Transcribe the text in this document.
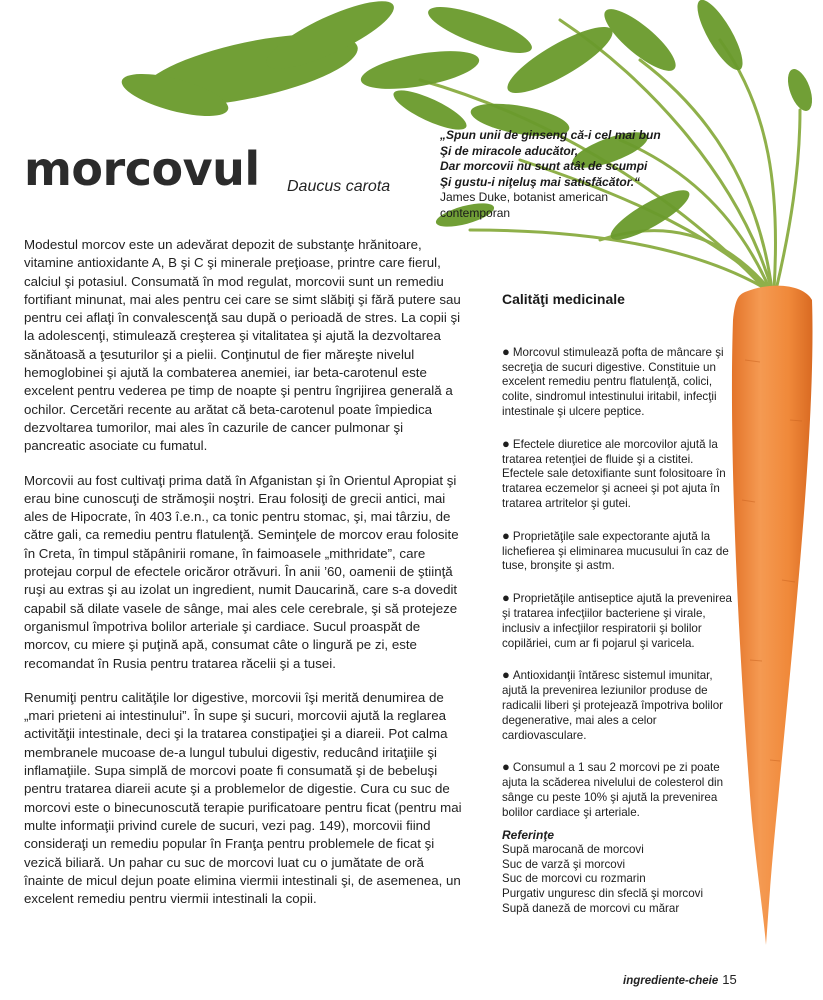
morcovul Daucus carota
„Spun unii de ginseng că-i cel mai bun
Şi de miracole aducător,
Dar morcovii nu sunt atât de scumpi
Şi gustu-i niţeluş mai satisfăcător.“
James Duke, botanist american
contemporan

Modestul morcov este un adevărat depozit de substanţe hrănitoare, vitamine antioxidante A, B şi C şi minerale preţioase, printre care fierul, calciul şi potasiul. Consumată în mod regulat, morcovii sunt un remediu fortifiant minunat, mai ales pentru cei care se simt slăbiţi şi fără putere sau pentru cei aflaţi în convalescenţă sau după o perioadă de stres. La copii şi la adolescenţi, stimulează creşterea şi vitalitatea şi ajută la dezvoltarea sănătoasă a ţesuturilor şi a pielii. Conţinutul de fier măreşte nivelul hemoglobinei şi ajută la combaterea anemiei, iar beta-carotenul este excelent pentru vederea pe timp de noapte şi pentru îngrijirea generală a ochilor. Cercetări recente au arătat că beta-carotenul poate împiedica dezvoltarea tumorilor, mai ales în cazurile de cancer pulmonar şi pancreatic asociate cu fumatul.

Morcovii au fost cultivaţi prima dată în Afganistan şi în Orientul Apropiat şi erau bine cunoscuţi de strămoşii noştri. Erau folosiţi de grecii antici, mai ales de Hipocrate, în 403 î.e.n., ca tonic pentru stomac, şi, mai târziu, de către gali, ca remediu pentru flatulenţă. Seminţele de morcov erau folosite în Creta, în timpul stăpânirii romane, în faimoasele „mithridate”, care protejau corpul de efectele oricăror otrăvuri. În anii ’60, oamenii de ştiinţă ruşi au extras şi au izolat un ingredient, numit Daucarină, care s-a dovedit capabil să dilate vasele de sânge, mai ales cele cerebrale, şi să protejeze organismul împotriva bolilor arteriale şi cardiace. Sucul proaspăt de morcov, cu miere şi puţină apă, consumat câte o lingură pe zi, este recomandat în Rusia pentru tratarea răcelii şi a tusei.

Renumiţi pentru calităţile lor digestive, morcovii îşi merită denumirea de „mari prieteni ai intestinului”. În supe şi sucuri, morcovii ajută la reglarea activităţii intestinale, deci şi la tratarea constipaţiei şi a diareii. Pot calma membranele mucoase de-a lungul tubului digestiv, reducând iritaţiile şi inflamaţiile. Supa simplă de morcovi poate fi consumată şi de bebeluşi pentru tratarea diareii acute şi a problemelor de digestie. Cura cu suc de morcovi este o binecunoscută terapie purificatoare pentru ficat (pentru mai multe informaţii privind curele de sucuri, vezi pag. 149), morcovii fiind consideraţi un remediu popular în Franţa pentru problemele de ficat şi vezică biliară. Un pahar cu suc de morcovi luat cu o jumătate de oră înainte de micul dejun poate elimina viermii intestinali şi, de asemenea, un excelent remediu pentru viermii intestinali la copii.

Calităţi medicinale
● Morcovul stimulează pofta de mâncare şi secreţia de sucuri digestive. Constituie un excelent remediu pentru flatulenţă, colici, colite, sindromul intestinului iritabil, infecţii intestinale şi ulcere peptice.
● Efectele diuretice ale morcovilor ajută la tratarea retenţiei de fluide şi a cistitei. Efectele sale detoxifiante sunt folositoare în tratarea eczemelor şi acneei şi pot ajuta în tratarea artritelor şi gutei.
● Proprietăţile sale expectorante ajută la lichefierea şi eliminarea mucusului în caz de tuse, bronşite şi astm.
● Proprietăţile antiseptice ajută la prevenirea şi tratarea infecţiilor bacteriene şi virale, inclusiv a infecţiilor respiratorii şi bolilor copilăriei, cum ar fi pojarul şi varicela.
● Antioxidanţii întăresc sistemul imunitar, ajută la prevenirea leziunilor produse de radicalii liberi şi protejează împotriva bolilor degenerative, mai ales a celor cardiovasculare.
● Consumul a 1 sau 2 morcovi pe zi poate ajuta la scăderea nivelului de colesterol din sânge cu peste 10% şi ajută la prevenirea bolilor cardiace şi arteriale.
Referinţe
Supă marocană de morcovi
Suc de varză şi morcovi
Suc de morcovi cu rozmarin
Purgativ unguresc din sfeclă şi morcovi
Supă daneză de morcovi cu mărar
ingrediente-cheie 15
